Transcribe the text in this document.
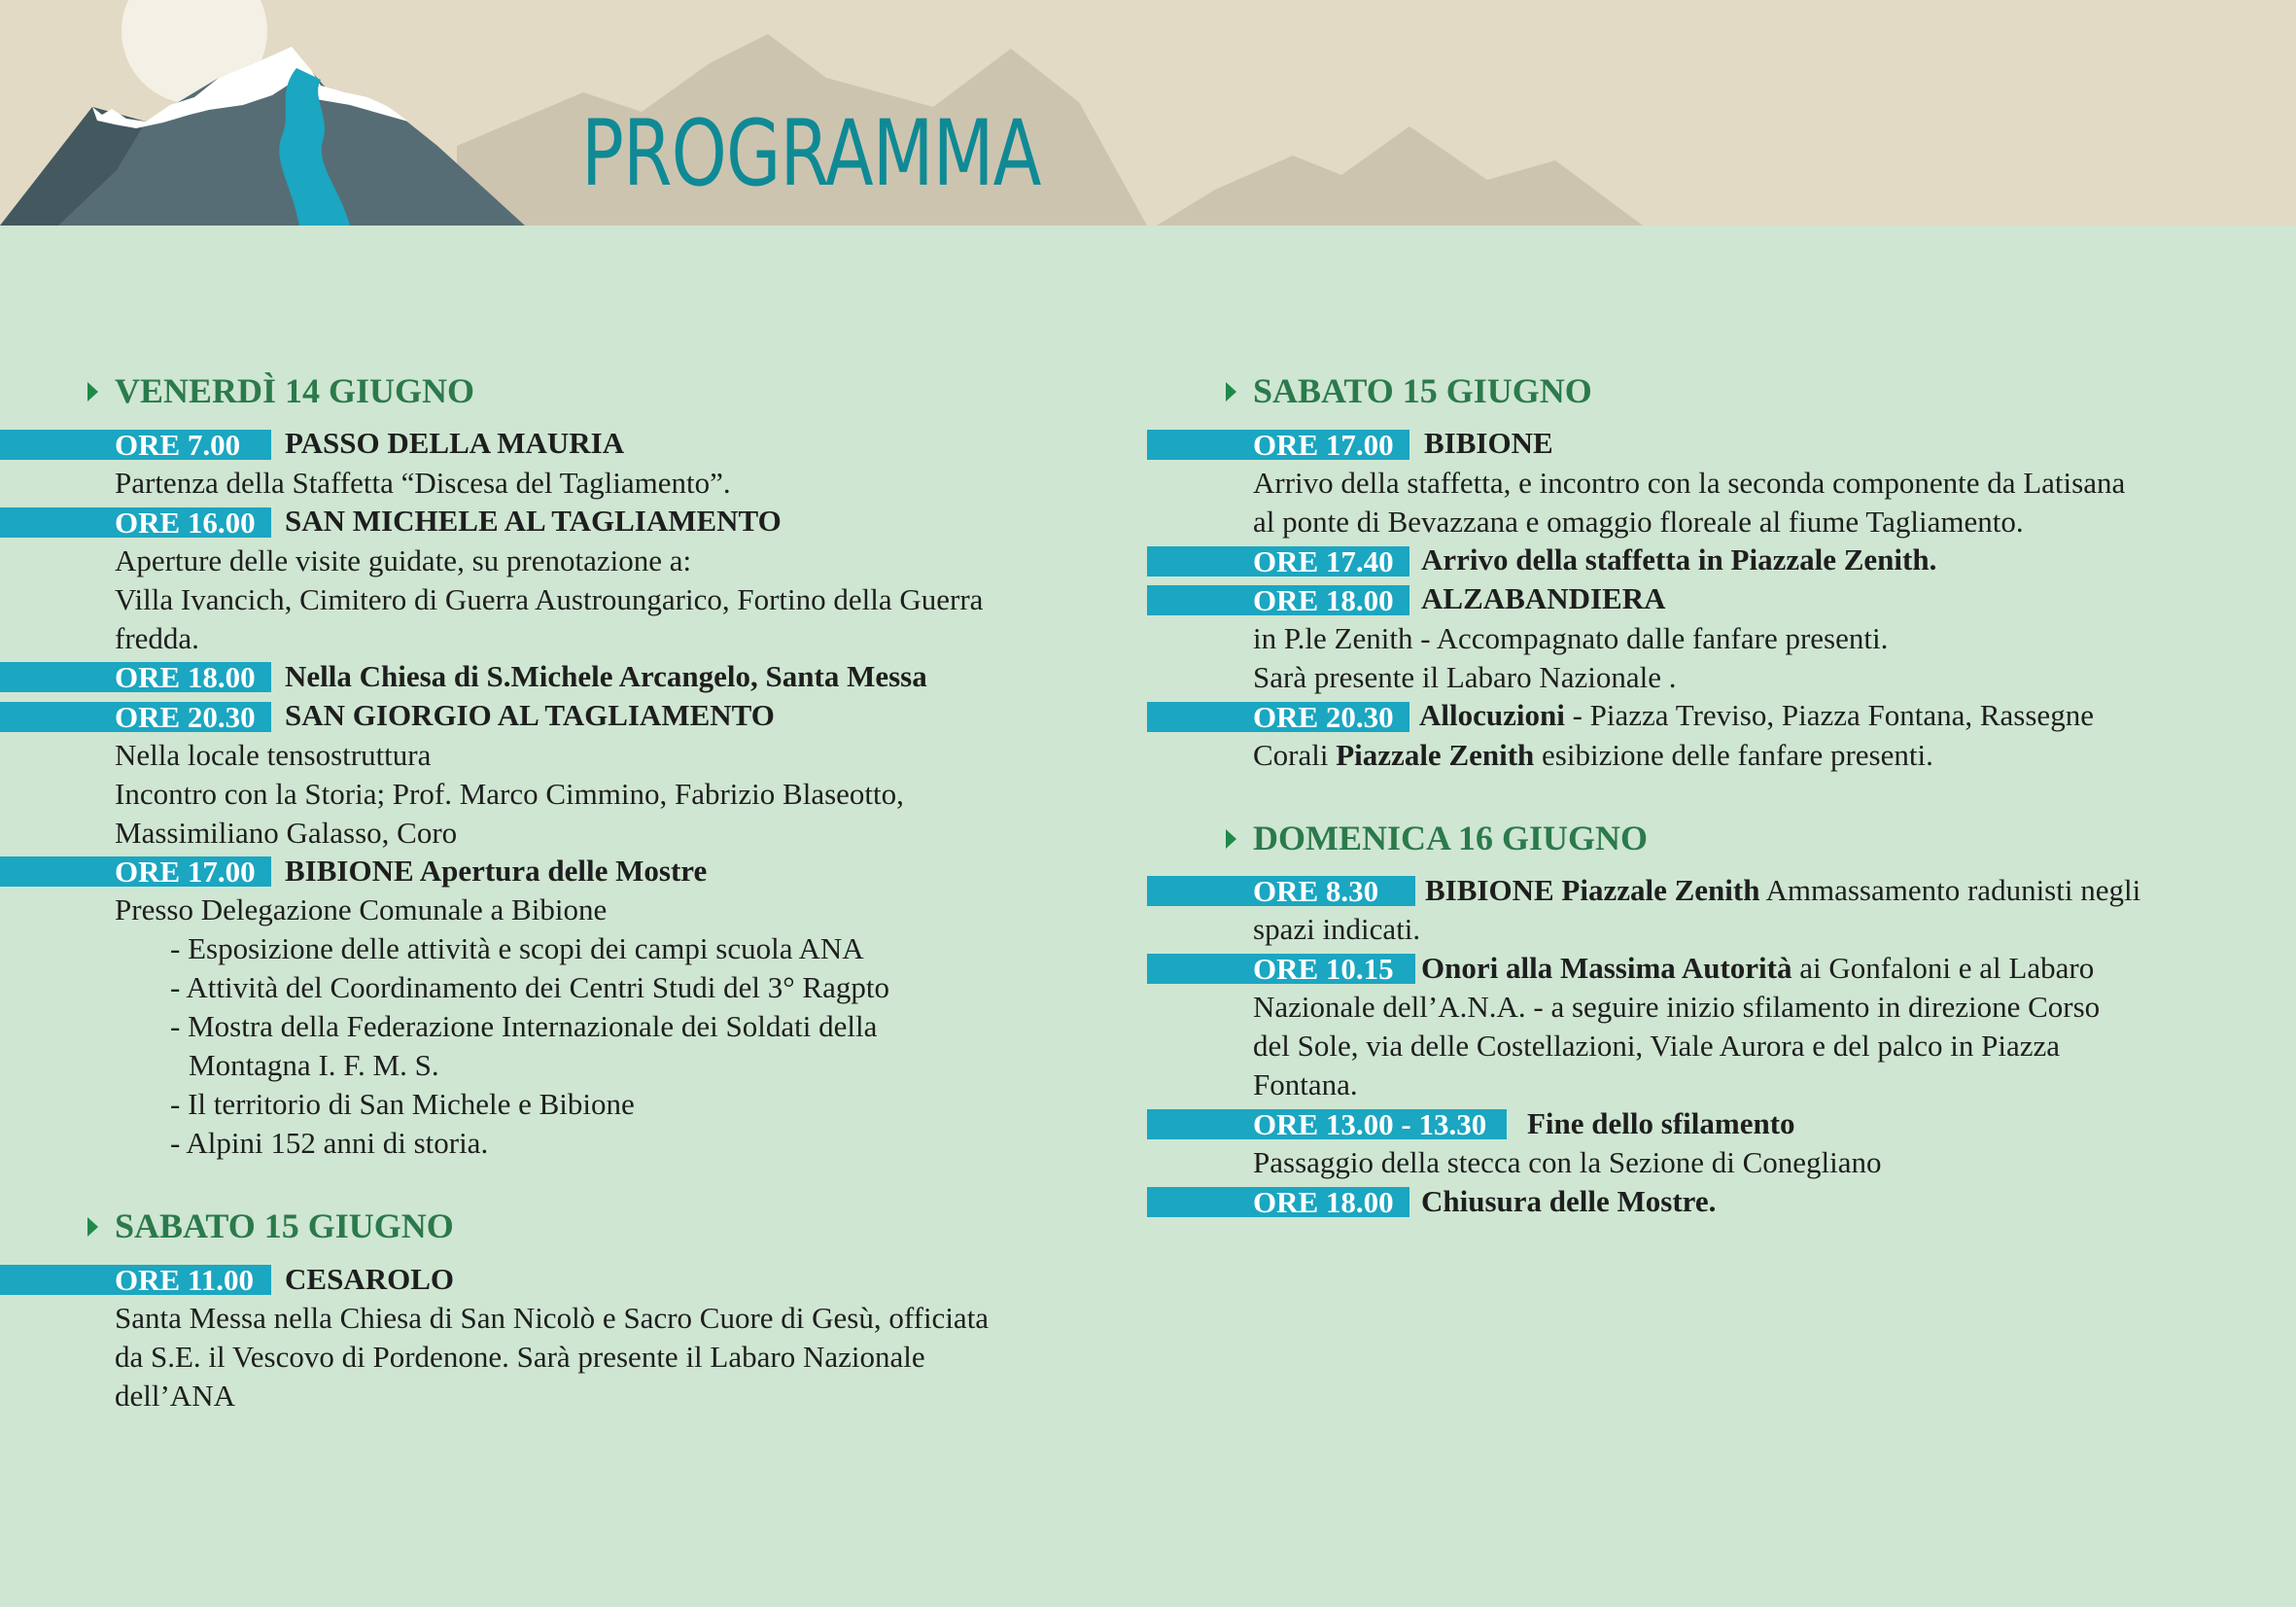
PROGRAMMA
VENERDÌ 14 GIUGNO
ORE 7.00 PASSO DELLA MAURIA
Partenza della Staffetta “Discesa del Tagliamento”.
ORE 16.00 SAN MICHELE AL TAGLIAMENTO
Aperture delle visite guidate, su prenotazione a:
Villa Ivancich, Cimitero di Guerra Austroungarico, Fortino della Guerra
fredda.
ORE 18.00 Nella Chiesa di S.Michele Arcangelo, Santa Messa
ORE 20.30 SAN GIORGIO AL TAGLIAMENTO
Nella locale tensostruttura
Incontro con la Storia; Prof. Marco Cimmino, Fabrizio Blaseotto,
Massimiliano Galasso, Coro
ORE 17.00 BIBIONE Apertura delle Mostre
Presso Delegazione Comunale a Bibione
- Esposizione delle attività e scopi dei campi scuola ANA
- Attività del Coordinamento dei Centri Studi del 3° Ragpto
- Mostra della Federazione Internazionale dei Soldati della
Montagna I. F. M. S.
- Il territorio di San Michele e Bibione
- Alpini 152 anni di storia.
SABATO 15 GIUGNO
ORE 11.00 CESAROLO
Santa Messa nella Chiesa di San Nicolò e Sacro Cuore di Gesù, officiata
da S.E. il Vescovo di Pordenone. Sarà presente il Labaro Nazionale
dell’ANA
SABATO 15 GIUGNO
ORE 17.00 BIBIONE
Arrivo della staffetta, e incontro con la seconda componente da Latisana
al ponte di Bevazzana e omaggio floreale al fiume Tagliamento.
ORE 17.40 Arrivo della staffetta in Piazzale Zenith.
ORE 18.00 ALZABANDIERA
in P.le Zenith - Accompagnato dalle fanfare presenti.
Sarà presente il Labaro Nazionale .
ORE 20.30 Allocuzioni - Piazza Treviso, Piazza Fontana, Rassegne
Corali Piazzale Zenith esibizione delle fanfare presenti.
DOMENICA 16 GIUGNO
ORE 8.30 BIBIONE Piazzale Zenith Ammassamento radunisti negli
spazi indicati.
ORE 10.15 Onori alla Massima Autorità ai Gonfaloni e al Labaro
Nazionale dell’A.N.A. - a seguire inizio sfilamento in direzione Corso
del Sole, via delle Costellazioni, Viale Aurora e del palco in Piazza
Fontana.
ORE 13.00 - 13.30 Fine dello sfilamento
Passaggio della stecca con la Sezione di Conegliano
ORE 18.00 Chiusura delle Mostre.
